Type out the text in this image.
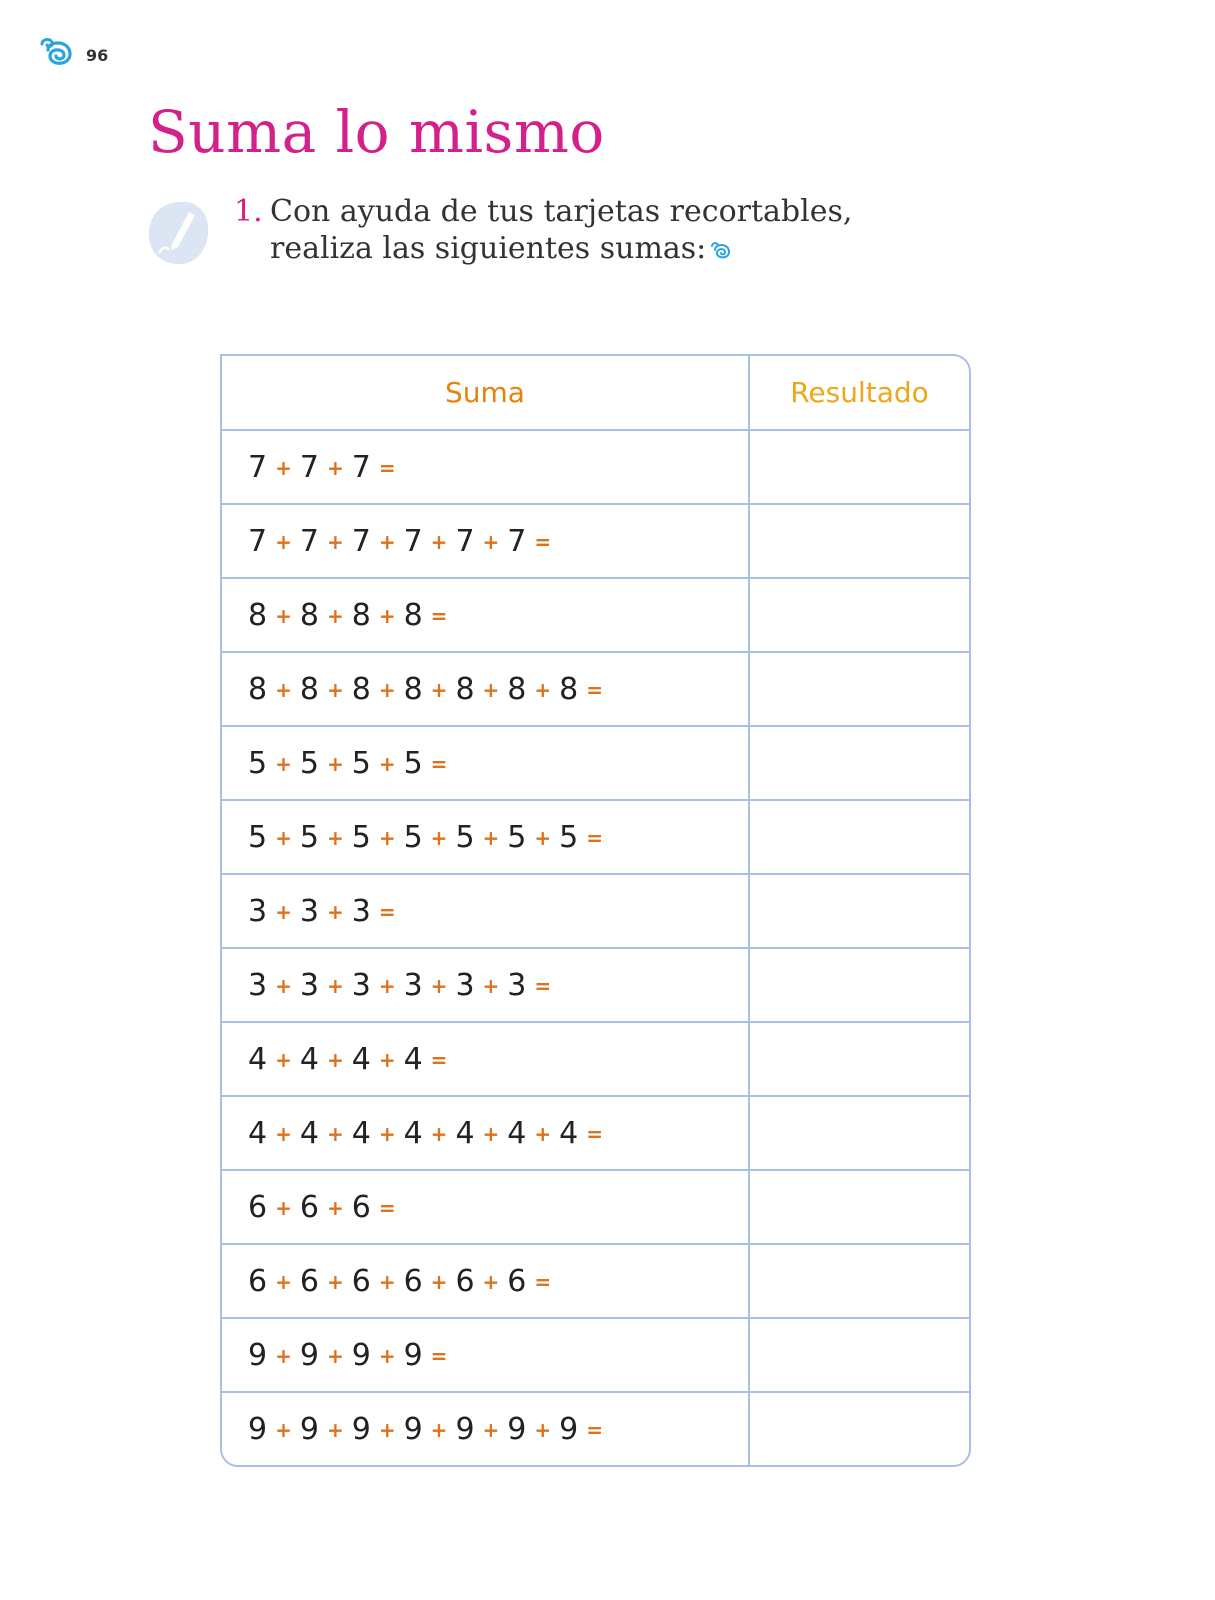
96
Suma lo mismo
1. Con ayuda de tus tarjetas recortables,
realiza las siguientes sumas:
Suma	Resultado
7 + 7 + 7 =
7 + 7 + 7 + 7 + 7 + 7 =
8 + 8 + 8 + 8 =
8 + 8 + 8 + 8 + 8 + 8 + 8 =
5 + 5 + 5 + 5 =
5 + 5 + 5 + 5 + 5 + 5 + 5 =
3 + 3 + 3 =
3 + 3 + 3 + 3 + 3 + 3 =
4 + 4 + 4 + 4 =
4 + 4 + 4 + 4 + 4 + 4 + 4 =
6 + 6 + 6 =
6 + 6 + 6 + 6 + 6 + 6 =
9 + 9 + 9 + 9 =
9 + 9 + 9 + 9 + 9 + 9 + 9 =
